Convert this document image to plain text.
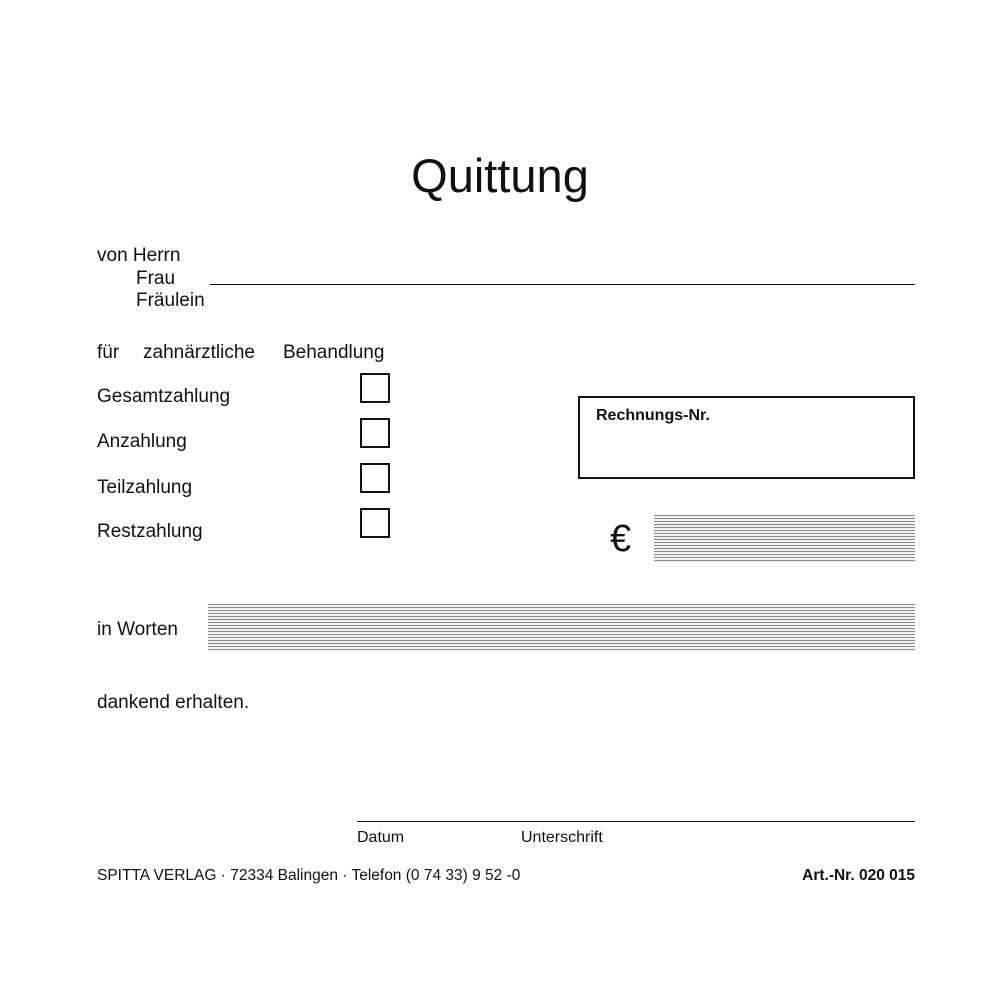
Quittung
von Herrn
Frau
Fräulein
für zahnärztliche Behandlung
Gesamtzahlung
Anzahlung
Teilzahlung
Restzahlung
Rechnungs-Nr.
€
in Worten
dankend erhalten.
Datum	Unterschrift
SPITTA VERLAG · 72334 Balingen · Telefon (0 74 33) 9 52 -0	Art.-Nr. 020 015
